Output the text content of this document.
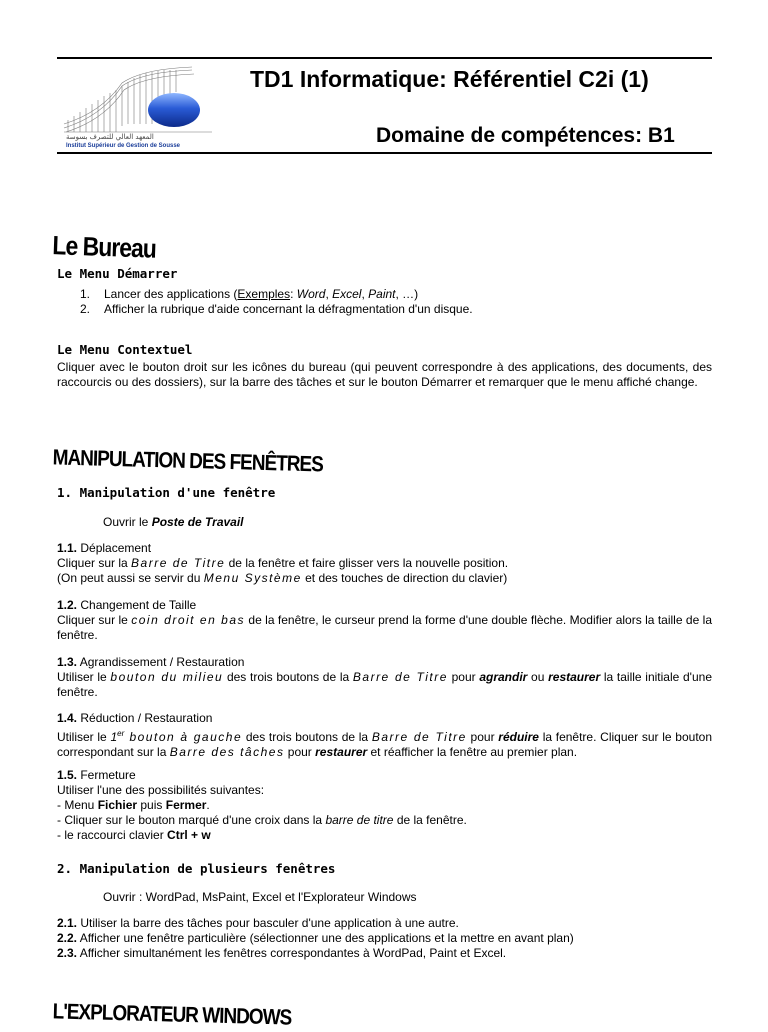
المعهد العالي للتصرف بسوسة
Institut Supérieur de Gestion de Sousse
TD1 Informatique: Référentiel C2i (1)
Domaine de compétences: B1
Le Bureau
Le Menu Démarrer
1. Lancer des applications (Exemples: Word, Excel, Paint, …)
2. Afficher la rubrique d'aide concernant la défragmentation d'un disque.
Le Menu Contextuel
Cliquer avec le bouton droit sur les icônes du bureau (qui peuvent correspondre à des applications, des documents, des raccourcis ou des dossiers), sur la barre des tâches et sur le bouton Démarrer et remarquer que le menu affiché change.
MANIPULATION DES FENÊTRES
1. Manipulation d'une fenêtre
Ouvrir le Poste de Travail
1.1. Déplacement
Cliquer sur la Barre de Titre de la fenêtre et faire glisser vers la nouvelle position.
(On peut aussi se servir du Menu Système et des touches de direction du clavier)
1.2. Changement de Taille
Cliquer sur le coin droit en bas de la fenêtre, le curseur prend la forme d'une double flèche. Modifier alors la taille de la fenêtre.
1.3. Agrandissement / Restauration
Utiliser le bouton du milieu des trois boutons de la Barre de Titre pour agrandir ou restaurer la taille initiale d'une fenêtre.
1.4. Réduction / Restauration
Utiliser le 1er bouton à gauche des trois boutons de la Barre de Titre pour réduire la fenêtre. Cliquer sur le bouton correspondant sur la Barre des tâches pour restaurer et réafficher la fenêtre au premier plan.
1.5. Fermeture
Utiliser l'une des possibilités suivantes:
- Menu Fichier puis Fermer.
- Cliquer sur le bouton marqué d'une croix dans la barre de titre de la fenêtre.
- le raccourci clavier Ctrl + w
2. Manipulation de plusieurs fenêtres
Ouvrir : WordPad, MsPaint, Excel et l'Explorateur Windows
2.1. Utiliser la barre des tâches pour basculer d'une application à une autre.
2.2. Afficher une fenêtre particulière (sélectionner une des applications et la mettre en avant plan)
2.3. Afficher simultanément les fenêtres correspondantes à WordPad, Paint et Excel.
L'EXPLORATEUR WINDOWS
